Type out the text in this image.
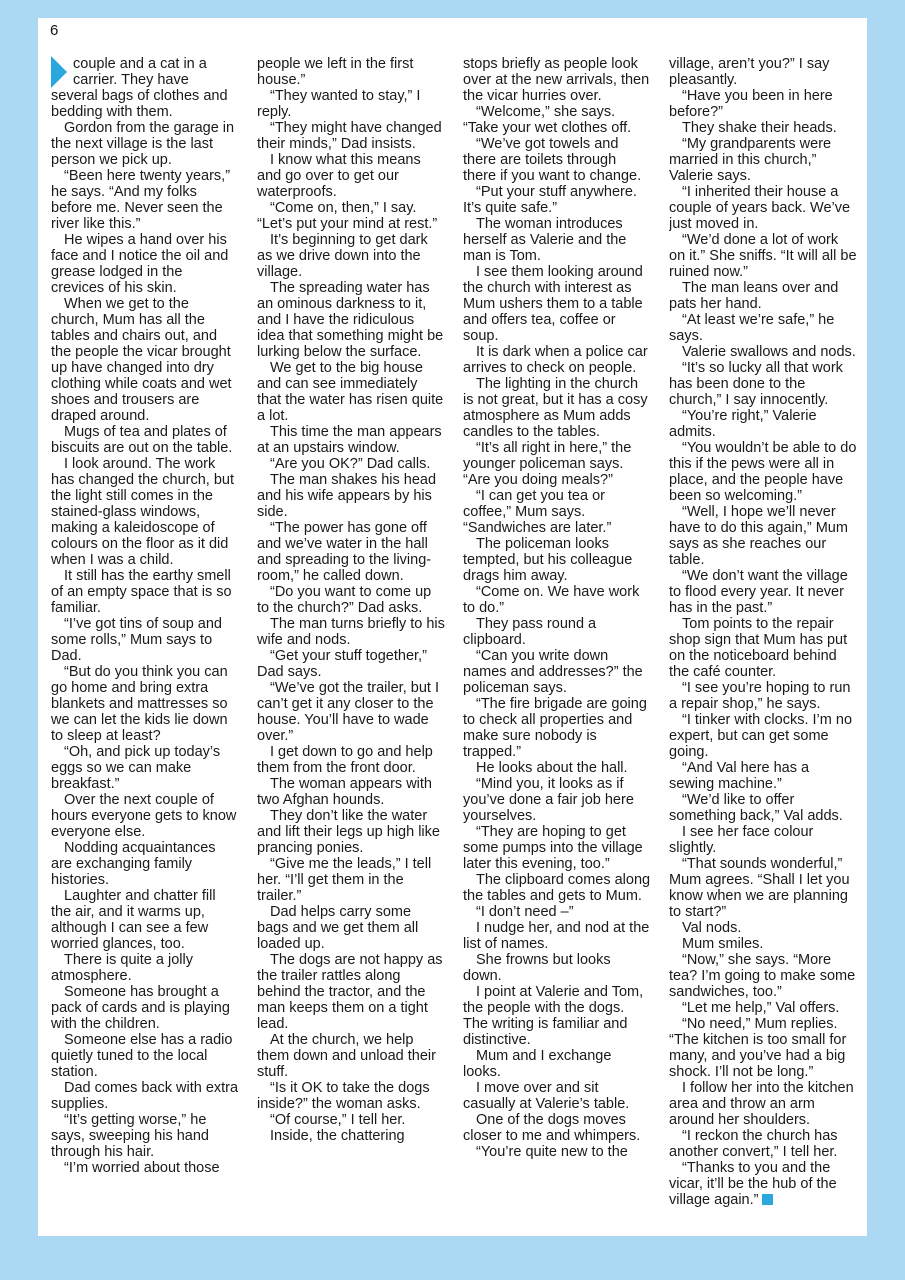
6

couple and a cat in a carrier. They have several bags of clothes and bedding with them.

Gordon from the garage in the next village is the last person we pick up.

“Been here twenty years,” he says. “And my folks before me. Never seen the river like this.”

He wipes a hand over his face and I notice the oil and grease lodged in the crevices of his skin.

When we get to the church, Mum has all the tables and chairs out, and the people the vicar brought up have changed into dry clothing while coats and wet shoes and trousers are draped around.

Mugs of tea and plates of biscuits are out on the table.

I look around. The work has changed the church, but the light still comes in the stained-glass windows, making a kaleidoscope of colours on the floor as it did when I was a child.

It still has the earthy smell of an empty space that is so familiar.

“I’ve got tins of soup and some rolls,” Mum says to Dad.

“But do you think you can go home and bring extra blankets and mattresses so we can let the kids lie down to sleep at least?

“Oh, and pick up today’s eggs so we can make breakfast.”

Over the next couple of hours everyone gets to know everyone else.

Nodding acquaintances are exchanging family histories.

Laughter and chatter fill the air, and it warms up, although I can see a few worried glances, too.

There is quite a jolly atmosphere.

Someone has brought a pack of cards and is playing with the children.

Someone else has a radio quietly tuned to the local station.

Dad comes back with extra supplies.

“It’s getting worse,” he says, sweeping his hand through his hair.

“I’m worried about those

people we left in the first house.”

“They wanted to stay,” I reply.

“They might have changed their minds,” Dad insists.

I know what this means and go over to get our waterproofs.

“Come on, then,” I say. “Let’s put your mind at rest.”

It’s beginning to get dark as we drive down into the village.

The spreading water has an ominous darkness to it, and I have the ridiculous idea that something might be lurking below the surface.

We get to the big house and can see immediately that the water has risen quite a lot.

This time the man appears at an upstairs window.

“Are you OK?” Dad calls.

The man shakes his head and his wife appears by his side.

“The power has gone off and we’ve water in the hall and spreading to the living-room,” he called down.

“Do you want to come up to the church?” Dad asks.

The man turns briefly to his wife and nods.

“Get your stuff together,” Dad says.

“We’ve got the trailer, but I can’t get it any closer to the house. You’ll have to wade over.”

I get down to go and help them from the front door.

The woman appears with two Afghan hounds.

They don’t like the water and lift their legs up high like prancing ponies.

“Give me the leads,” I tell her. “I’ll get them in the trailer.”

Dad helps carry some bags and we get them all loaded up.

The dogs are not happy as the trailer rattles along behind the tractor, and the man keeps them on a tight lead.

At the church, we help them down and unload their stuff.

“Is it OK to take the dogs inside?” the woman asks.

“Of course,” I tell her.

Inside, the chattering

stops briefly as people look over at the new arrivals, then the vicar hurries over.

“Welcome,” she says. “Take your wet clothes off.

“We’ve got towels and there are toilets through there if you want to change.

“Put your stuff anywhere. It’s quite safe.”

The woman introduces herself as Valerie and the man is Tom.

I see them looking around the church with interest as Mum ushers them to a table and offers tea, coffee or soup.

It is dark when a police car arrives to check on people.

The lighting in the church is not great, but it has a cosy atmosphere as Mum adds candles to the tables.

“It’s all right in here,” the younger policeman says. “Are you doing meals?”

“I can get you tea or coffee,” Mum says. “Sandwiches are later.”

The policeman looks tempted, but his colleague drags him away.

“Come on. We have work to do.”

They pass round a clipboard.

“Can you write down names and addresses?” the policeman says.

“The fire brigade are going to check all properties and make sure nobody is trapped.”

He looks about the hall.

“Mind you, it looks as if you’ve done a fair job here yourselves.

“They are hoping to get some pumps into the village later this evening, too.”

The clipboard comes along the tables and gets to Mum.

“I don’t need –”

I nudge her, and nod at the list of names.

She frowns but looks down.

I point at Valerie and Tom, the people with the dogs. The writing is familiar and distinctive.

Mum and I exchange looks.

I move over and sit casually at Valerie’s table.

One of the dogs moves closer to me and whimpers.

“You’re quite new to the

village, aren’t you?” I say pleasantly.

“Have you been in here before?”

They shake their heads.

“My grandparents were married in this church,” Valerie says.

“I inherited their house a couple of years back. We’ve just moved in.

“We’d done a lot of work on it.” She sniffs. “It will all be ruined now.”

The man leans over and pats her hand.

“At least we’re safe,” he says.

Valerie swallows and nods.

“It’s so lucky all that work has been done to the church,” I say innocently.

“You’re right,” Valerie admits.

“You wouldn’t be able to do this if the pews were all in place, and the people have been so welcoming.”

“Well, I hope we’ll never have to do this again,” Mum says as she reaches our table.

“We don’t want the village to flood every year. It never has in the past.”

Tom points to the repair shop sign that Mum has put on the noticeboard behind the café counter.

“I see you’re hoping to run a repair shop,” he says.

“I tinker with clocks. I’m no expert, but can get some going.

“And Val here has a sewing machine.”

“We’d like to offer something back,” Val adds.

I see her face colour slightly.

“That sounds wonderful,” Mum agrees. “Shall I let you know when we are planning to start?”

Val nods.

Mum smiles.

“Now,” she says. “More tea? I’m going to make some sandwiches, too.”

“Let me help,” Val offers.

“No need,” Mum replies. “The kitchen is too small for many, and you’ve had a big shock. I’ll not be long.”

I follow her into the kitchen area and throw an arm around her shoulders.

“I reckon the church has another convert,” I tell her.

“Thanks to you and the vicar, it’ll be the hub of the village again.”
